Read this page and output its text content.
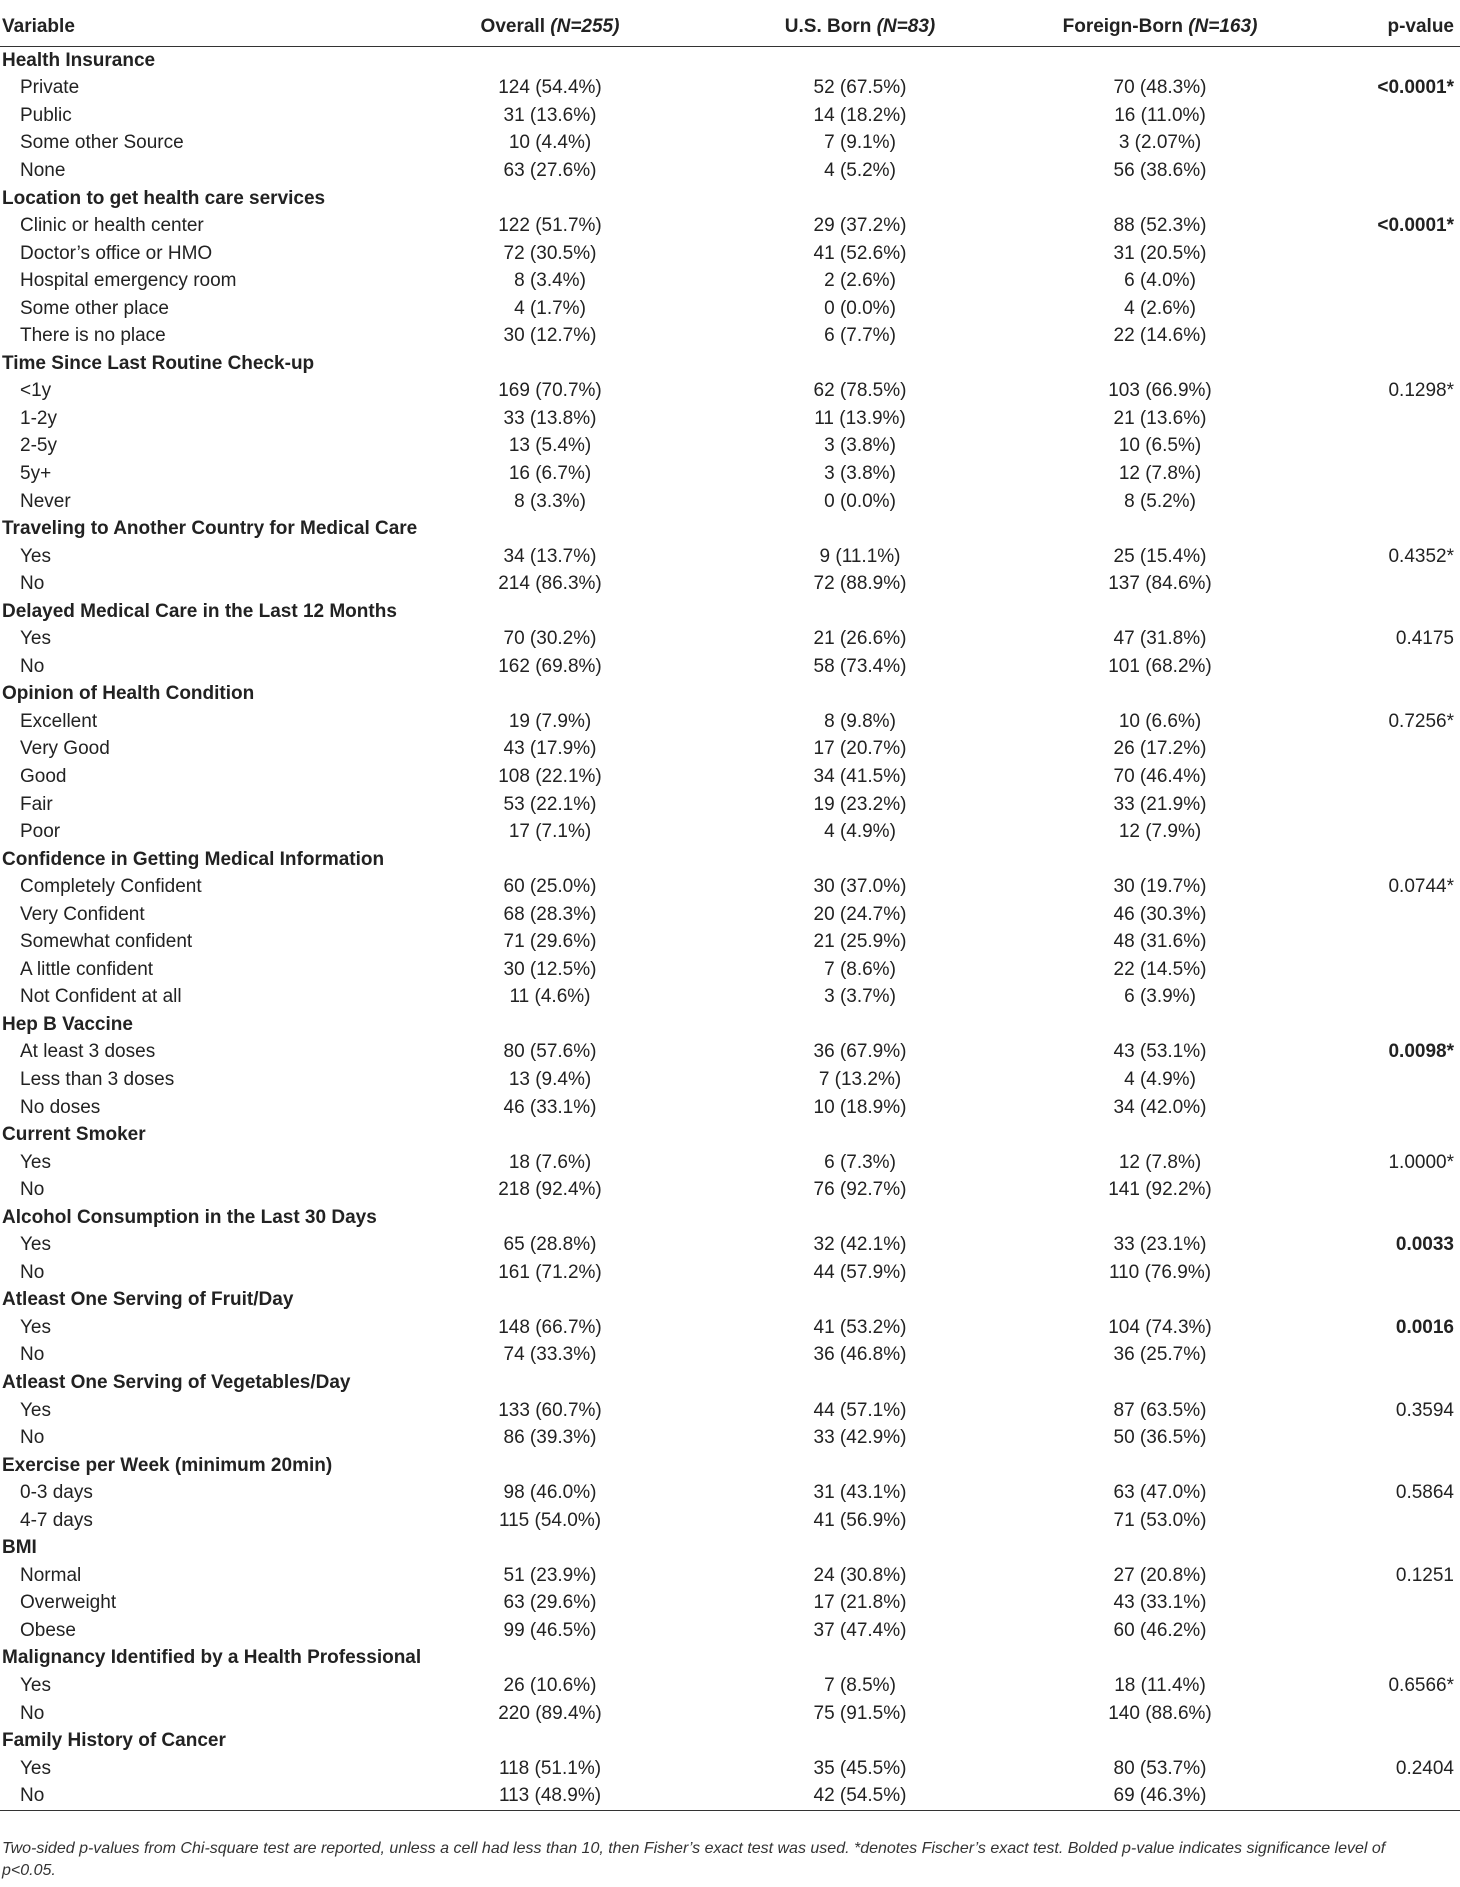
Variable	Overall (N=255)	U.S. Born (N=83)	Foreign-Born (N=163)	p-value
Health Insurance				
Private	124 (54.4%)	52 (67.5%)	70 (48.3%)	<0.0001*
Public	31 (13.6%)	14 (18.2%)	16 (11.0%)	
Some other Source	10 (4.4%)	7 (9.1%)	3 (2.07%)	
None	63 (27.6%)	4 (5.2%)	56 (38.6%)	
Location to get health care services				
Clinic or health center	122 (51.7%)	29 (37.2%)	88 (52.3%)	<0.0001*
Doctor’s office or HMO	72 (30.5%)	41 (52.6%)	31 (20.5%)	
Hospital emergency room	8 (3.4%)	2 (2.6%)	6 (4.0%)	
Some other place	4 (1.7%)	0 (0.0%)	4 (2.6%)	
There is no place	30 (12.7%)	6 (7.7%)	22 (14.6%)	
Time Since Last Routine Check-up				
<1y	169 (70.7%)	62 (78.5%)	103 (66.9%)	0.1298*
1-2y	33 (13.8%)	11 (13.9%)	21 (13.6%)	
2-5y	13 (5.4%)	3 (3.8%)	10 (6.5%)	
5y+	16 (6.7%)	3 (3.8%)	12 (7.8%)	
Never	8 (3.3%)	0 (0.0%)	8 (5.2%)	
Traveling to Another Country for Medical Care				
Yes	34 (13.7%)	9 (11.1%)	25 (15.4%)	0.4352*
No	214 (86.3%)	72 (88.9%)	137 (84.6%)	
Delayed Medical Care in the Last 12 Months				
Yes	70 (30.2%)	21 (26.6%)	47 (31.8%)	0.4175
No	162 (69.8%)	58 (73.4%)	101 (68.2%)	
Opinion of Health Condition				
Excellent	19 (7.9%)	8 (9.8%)	10 (6.6%)	0.7256*
Very Good	43 (17.9%)	17 (20.7%)	26 (17.2%)	
Good	108 (22.1%)	34 (41.5%)	70 (46.4%)	
Fair	53 (22.1%)	19 (23.2%)	33 (21.9%)	
Poor	17 (7.1%)	4 (4.9%)	12 (7.9%)	
Confidence in Getting Medical Information				
Completely Confident	60 (25.0%)	30 (37.0%)	30 (19.7%)	0.0744*
Very Confident	68 (28.3%)	20 (24.7%)	46 (30.3%)	
Somewhat confident	71 (29.6%)	21 (25.9%)	48 (31.6%)	
A little confident	30 (12.5%)	7 (8.6%)	22 (14.5%)	
Not Confident at all	11 (4.6%)	3 (3.7%)	6 (3.9%)	
Hep B Vaccine				
At least 3 doses	80 (57.6%)	36 (67.9%)	43 (53.1%)	0.0098*
Less than 3 doses	13 (9.4%)	7 (13.2%)	4 (4.9%)	
No doses	46 (33.1%)	10 (18.9%)	34 (42.0%)	
Current Smoker				
Yes	18 (7.6%)	6 (7.3%)	12 (7.8%)	1.0000*
No	218 (92.4%)	76 (92.7%)	141 (92.2%)	
Alcohol Consumption in the Last 30 Days				
Yes	65 (28.8%)	32 (42.1%)	33 (23.1%)	0.0033
No	161 (71.2%)	44 (57.9%)	110 (76.9%)	
Atleast One Serving of Fruit/Day				
Yes	148 (66.7%)	41 (53.2%)	104 (74.3%)	0.0016
No	74 (33.3%)	36 (46.8%)	36 (25.7%)	
Atleast One Serving of Vegetables/Day				
Yes	133 (60.7%)	44 (57.1%)	87 (63.5%)	0.3594
No	86 (39.3%)	33 (42.9%)	50 (36.5%)	
Exercise per Week (minimum 20min)				
0-3 days	98 (46.0%)	31 (43.1%)	63 (47.0%)	0.5864
4-7 days	115 (54.0%)	41 (56.9%)	71 (53.0%)	
BMI				
Normal	51 (23.9%)	24 (30.8%)	27 (20.8%)	0.1251
Overweight	63 (29.6%)	17 (21.8%)	43 (33.1%)	
Obese	99 (46.5%)	37 (47.4%)	60 (46.2%)	
Malignancy Identified by a Health Professional				
Yes	26 (10.6%)	7 (8.5%)	18 (11.4%)	0.6566*
No	220 (89.4%)	75 (91.5%)	140 (88.6%)	
Family History of Cancer				
Yes	118 (51.1%)	35 (45.5%)	80 (53.7%)	0.2404
No	113 (48.9%)	42 (54.5%)	69 (46.3%)	
Two-sided p-values from Chi-square test are reported, unless a cell had less than 10, then Fisher’s exact test was used. *denotes Fischer’s exact test. Bolded p-value indicates significance level of p<0.05.
